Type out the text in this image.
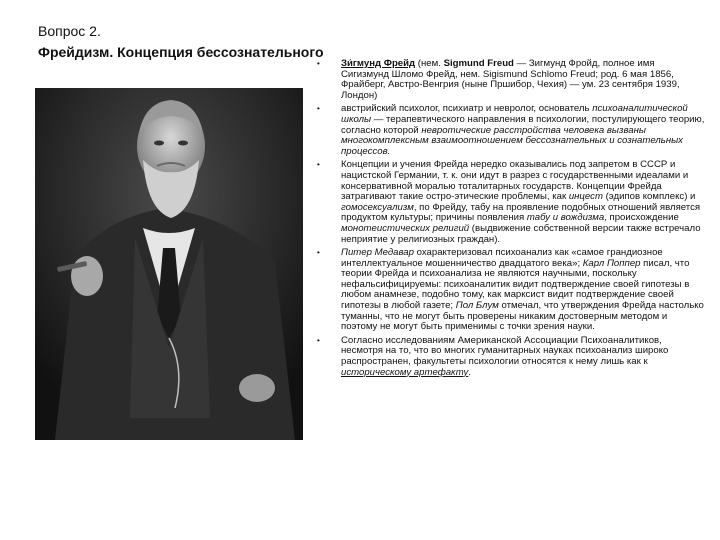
Вопрос 2.
Фрейдизм. Концепция бессознательного
• Зи́гмунд Фрейд (нем. Sigmund Freud — Зигмунд Фройд, полное имя Сигизмунд Шломо Фрейд, нем. Sigismund Schlomo Freud; род. 6 мая 1856, Фрайберг, Австро-Венгрия (ныне Пршибор, Чехия) — ум. 23 сентября 1939, Лондон)
• австрийский психолог, психиатр и невролог, основатель психоаналитической школы — терапевтического направления в психологии, постулирующего теорию, согласно которой невротические расстройства человека вызваны многокомплексным взаимоотношением бессознательных и сознательных процессов.
• Концепции и учения Фрейда нередко оказывались под запретом в СССР и нацистской Германии, т. к. они идут в разрез с государственными идеалами и консервативной моралью тоталитарных государств. Концепции Фрейда затрагивают такие остро-этические проблемы, как инцест (эдипов комплекс) и гомосексуализм, по Фрейду, табу на проявление подобных отношений является продуктом культуры; причины появления табу и вождизма, происхождение монотеистических религий (выдвижение собственной версии также встречало неприятие у религиозных граждан).
• Питер Медавар охарактеризовал психоанализ как «самое грандиозное интеллектуальное мошенничество двадцатого века»; Карл Поппер писал, что теории Фрейда и психоанализа не являются научными, поскольку нефальсифицируемы: психоаналитик видит подтверждение своей гипотезы в любом анамнезе, подобно тому, как марксист видит подтверждение своей гипотезы в любой газете; Пол Блум отмечал, что утверждения Фрейда настолько туманны, что не могут быть проверены никаким достоверным методом и поэтому не могут быть применимы с точки зрения науки.
• Согласно исследованиям Американской Ассоциации Психоаналитиков, несмотря на то, что во многих гуманитарных науках психоанализ широко распространен, факультеты психологии относятся к нему лишь как к историческому артефакту.
